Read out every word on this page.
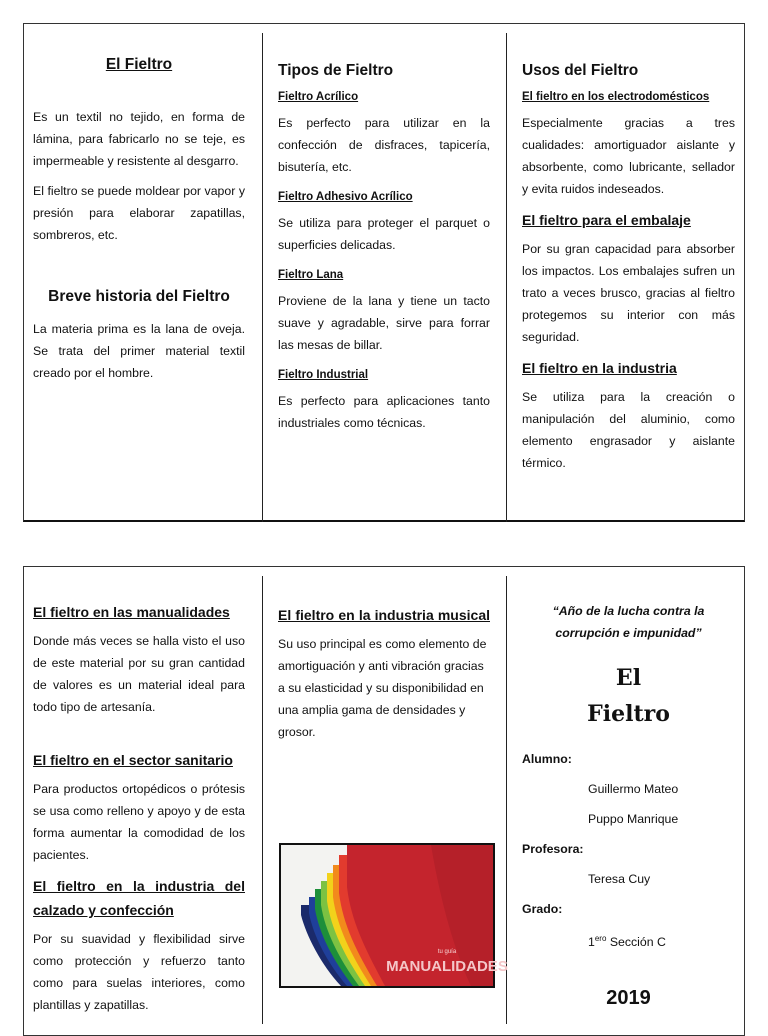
El Fieltro

Es un textil no tejido, en forma de lámina, para fabricarlo no se teje, es impermeable y resistente al desgarro.

El fieltro se puede moldear por vapor y presión para elaborar zapatillas, sombreros, etc.

Breve historia del Fieltro

La materia prima es la lana de oveja. Se trata del primer material textil creado por el hombre.

Tipos de Fieltro
Fieltro Acrílico

Es perfecto para utilizar en la confección de disfraces, tapicería, bisutería, etc.

Fieltro Adhesivo Acrílico

Se utiliza para proteger el parquet o superficies delicadas.

Fieltro Lana

Proviene de la lana y tiene un tacto suave y agradable, sirve para forrar las mesas de billar.

Fieltro Industrial

Es perfecto para aplicaciones tanto industriales como técnicas.

Usos del Fieltro
El fieltro en los electrodomésticos

Especialmente gracias a tres cualidades: amortiguador aislante y absorbente, como lubricante, sellador y evita ruidos indeseados.

El fieltro para el embalaje

Por su gran capacidad para absorber los impactos. Los embalajes sufren un trato a veces brusco, gracias al fieltro protegemos su interior con más seguridad.

El fieltro en la industria

Se utiliza para la creación o manipulación del aluminio, como elemento engrasador y aislante térmico.

El fieltro en las manualidades

Donde más veces se halla visto el uso de este material por su gran cantidad de valores es un material ideal para todo tipo de artesanía.

El fieltro en el sector sanitario

Para productos ortopédicos o prótesis se usa como relleno y apoyo y de esta forma aumentar la comodidad de los pacientes.

El fieltro en la industria del calzado y confección

Por su suavidad y flexibilidad sirve como protección y refuerzo tanto como para suelas interiores, como plantillas y zapatillas.

El fieltro en la industria musical

Su uso principal es como elemento de amortiguación y anti vibración gracias a su elasticidad y su disponibilidad en una amplia gama de densidades y grosor.

tu guía
MANUALIDADES
“Año de la lucha contra la corrupción e impunidad”
El
Fieltro
Alumno:
Guillermo Mateo
Puppo Manrique
Profesora:
Teresa Cuy
Grado:
$1^{ero}$ Sección C
2019
